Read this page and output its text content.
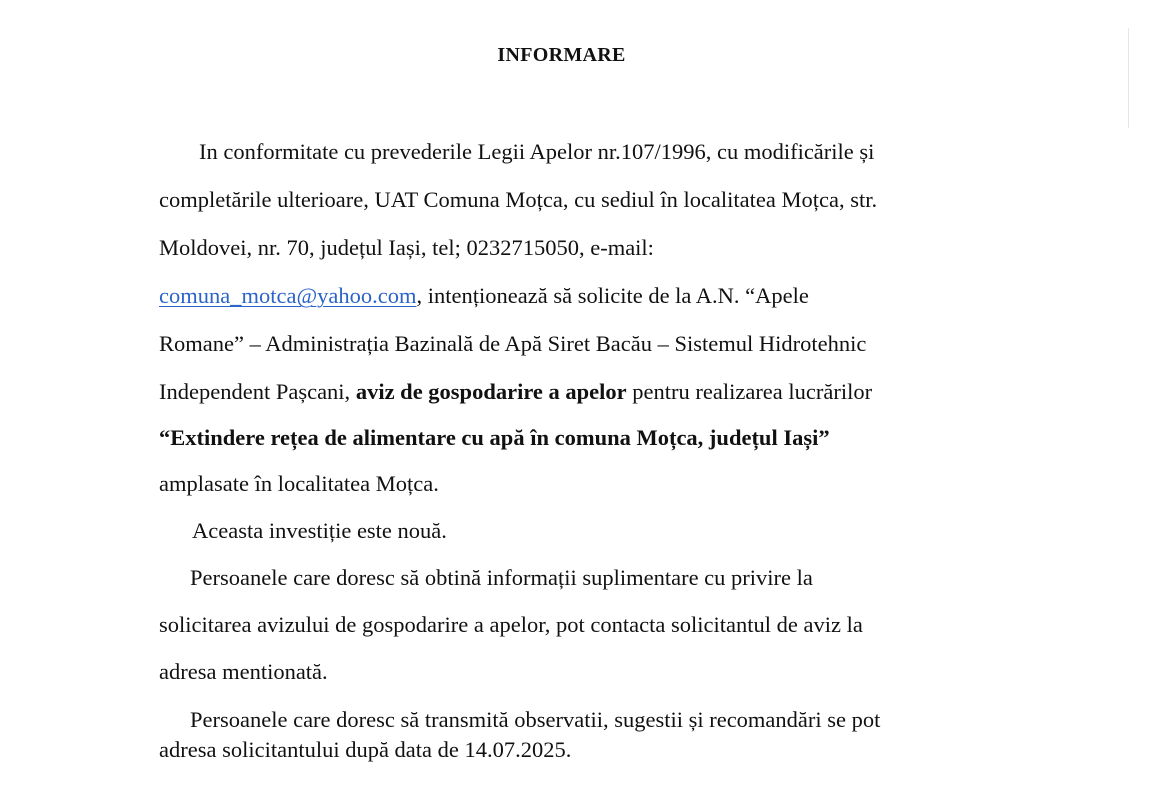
INFORMARE
In conformitate cu prevederile Legii Apelor nr.107/1996, cu modificările și
completările ulterioare, UAT Comuna Moțca, cu sediul în localitatea Moțca, str.
Moldovei, nr. 70, județul Iași, tel; 0232715050, e-mail:
comuna_motca@yahoo.com, intenționează să solicite de la A.N. “Apele
Romane” – Administrația Bazinală de Apă Siret Bacău – Sistemul Hidrotehnic
Independent Pașcani, aviz de gospodarire a apelor pentru realizarea lucrărilor
“Extindere rețea de alimentare cu apă în comuna Moțca, județul Iași”
amplasate în localitatea Moțca.
Aceasta investiție este nouă.
Persoanele care doresc să obtină informații suplimentare cu privire la
solicitarea avizului de gospodarire a apelor, pot contacta solicitantul de aviz la
adresa mentionată.
Persoanele care doresc să transmită observatii, sugestii și recomandări se pot
adresa solicitantului după data de 14.07.2025.
